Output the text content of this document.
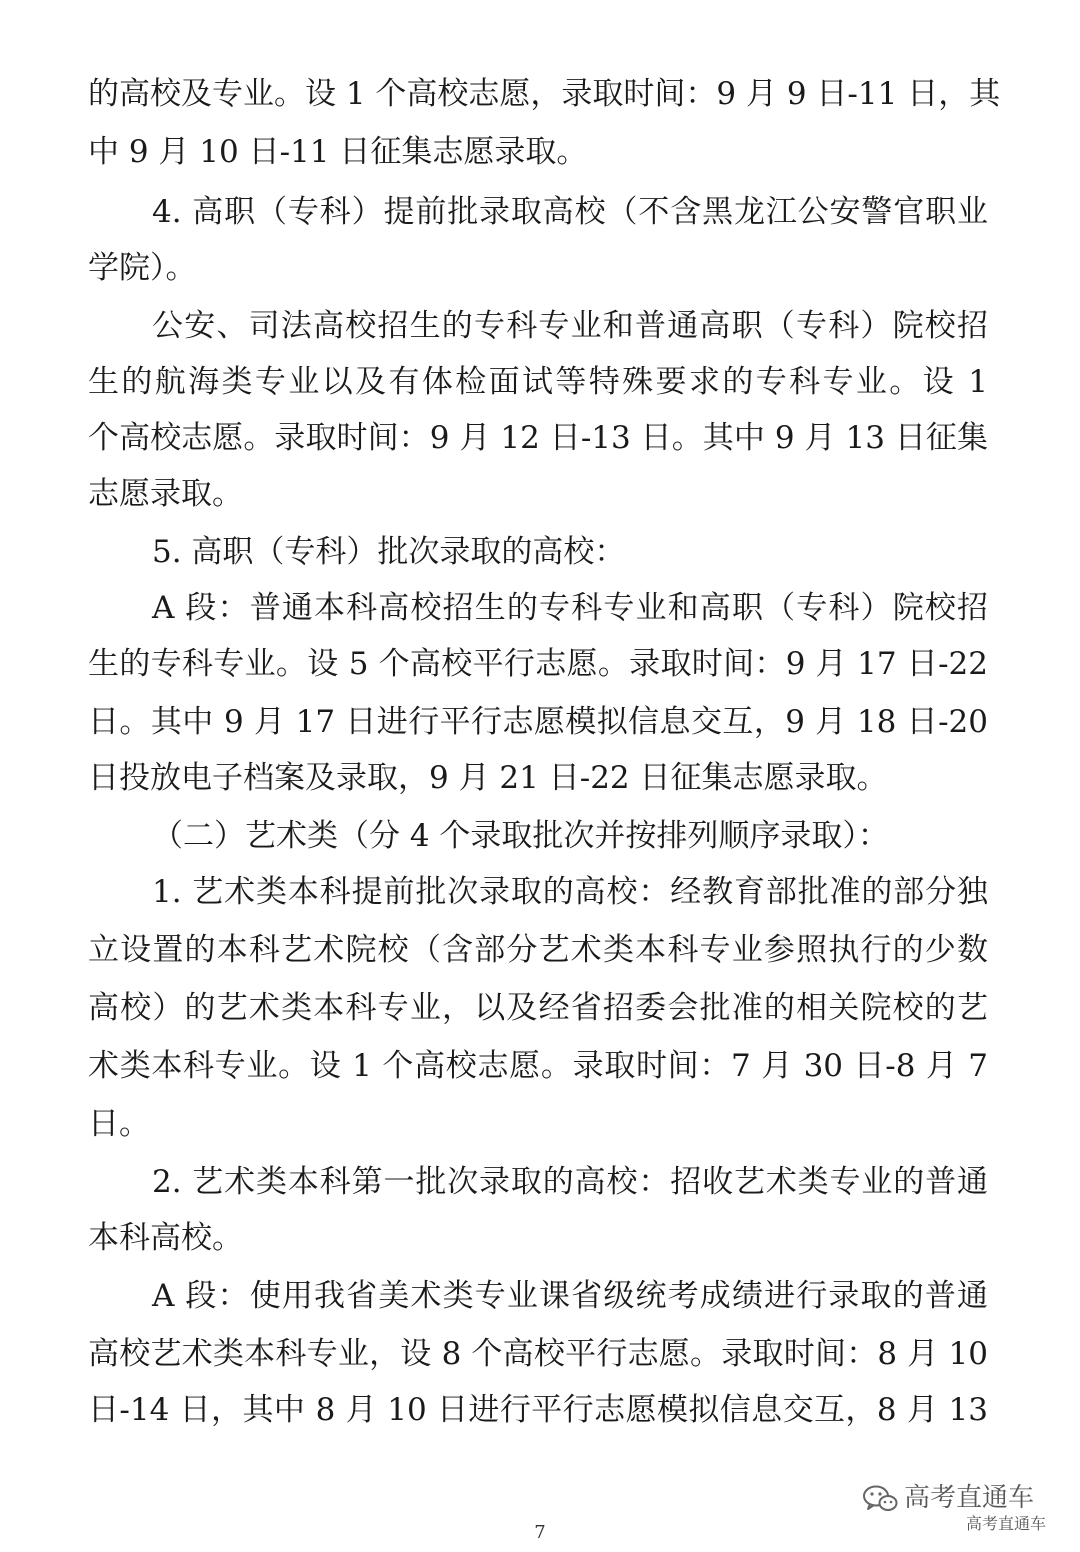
的高校及专业。设 1 个高校志愿，录取时间：9 月 9 日-11 日，其
中 9 月 10 日-11 日征集志愿录取。
4. 高职（专科）提前批录取高校（不含黑龙江公安警官职业
学院）。
公安、司法高校招生的专科专业和普通高职（专科）院校招
生的航海类专业以及有体检面试等特殊要求的专科专业。设 1
个高校志愿。录取时间：9 月 12 日-13 日。其中 9 月 13 日征集
志愿录取。
5. 高职（专科）批次录取的高校：
A 段：普通本科高校招生的专科专业和高职（专科）院校招
生的专科专业。设 5 个高校平行志愿。录取时间：9 月 17 日-22
日。其中 9 月 17 日进行平行志愿模拟信息交互，9 月 18 日-20
日投放电子档案及录取，9 月 21 日-22 日征集志愿录取。
（二）艺术类（分 4 个录取批次并按排列顺序录取）：
1. 艺术类本科提前批次录取的高校：经教育部批准的部分独
立设置的本科艺术院校（含部分艺术类本科专业参照执行的少数
高校）的艺术类本科专业，以及经省招委会批准的相关院校的艺
术类本科专业。设 1 个高校志愿。录取时间：7 月 30 日-8 月 7
日。
2. 艺术类本科第一批次录取的高校：招收艺术类专业的普通
本科高校。
A 段：使用我省美术类专业课省级统考成绩进行录取的普通
高校艺术类本科专业，设 8 个高校平行志愿。录取时间：8 月 10
日-14 日，其中 8 月 10 日进行平行志愿模拟信息交互，8 月 13
7
高考直通车
高考直通车
